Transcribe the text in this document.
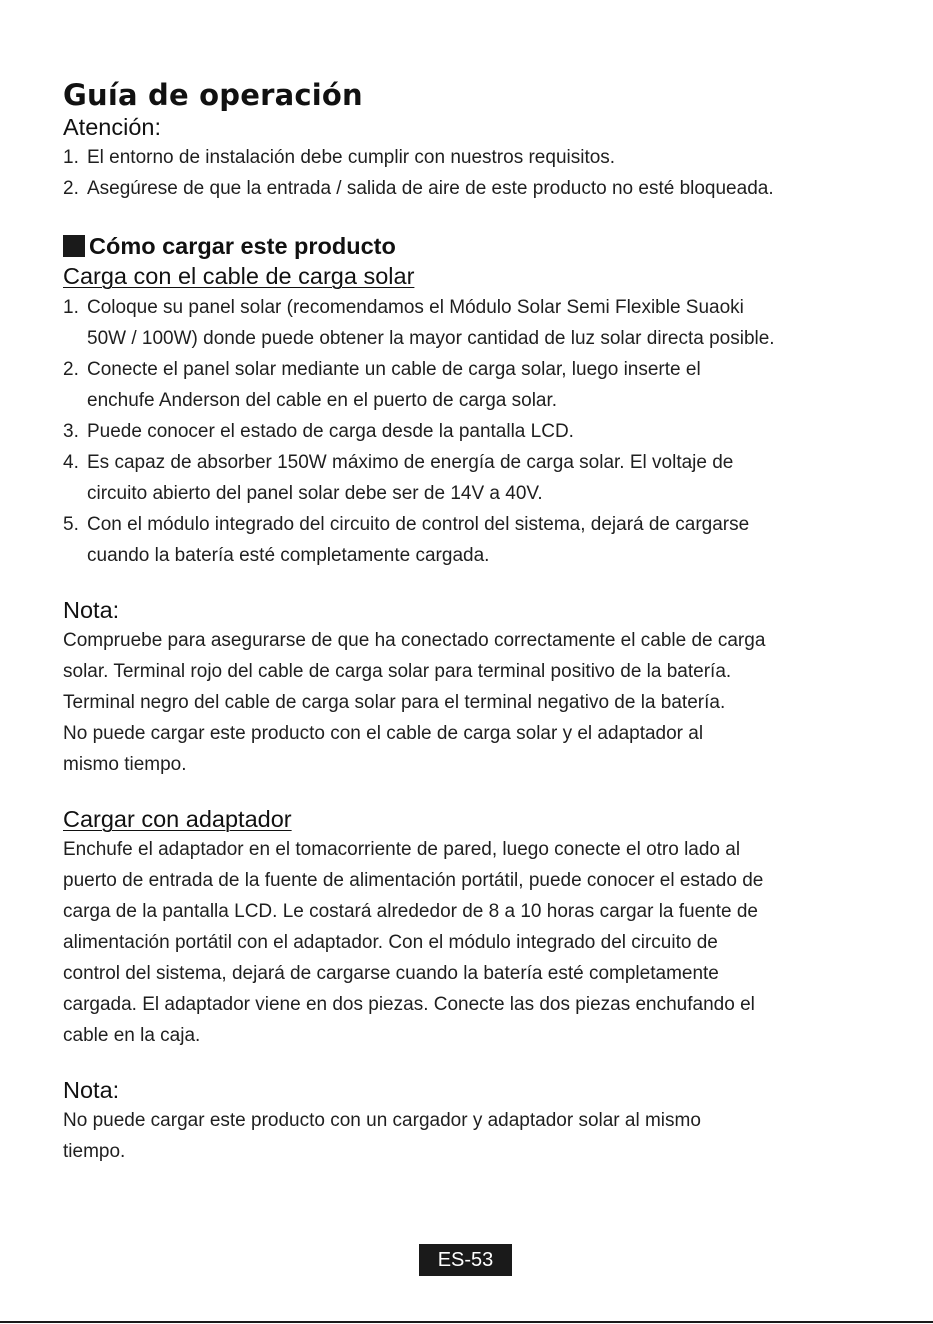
Guía de operación
Atención:
1. El entorno de instalación debe cumplir con nuestros requisitos.
2. Asegúrese de que la entrada / salida de aire de este producto no esté bloqueada.
Cómo cargar este producto
Carga con el cable de carga solar
1. Coloque su panel solar (recomendamos el Módulo Solar Semi Flexible Suaoki
50W / 100W) donde puede obtener la mayor cantidad de luz solar directa posible.
2. Conecte el panel solar mediante un cable de carga solar, luego inserte el
enchufe Anderson del cable en el puerto de carga solar.
3. Puede conocer el estado de carga desde la pantalla LCD.
4. Es capaz de absorber 150W máximo de energía de carga solar. El voltaje de
circuito abierto del panel solar debe ser de 14V a 40V.
5. Con el módulo integrado del circuito de control del sistema, dejará de cargarse
cuando la batería esté completamente cargada.
Nota:

Compruebe para asegurarse de que ha conectado correctamente el cable de carga
solar. Terminal rojo del cable de carga solar para terminal positivo de la batería.
Terminal negro del cable de carga solar para el terminal negativo de la batería.
No puede cargar este producto con el cable de carga solar y el adaptador al
mismo tiempo.

Cargar con adaptador

Enchufe el adaptador en el tomacorriente de pared, luego conecte el otro lado al
puerto de entrada de la fuente de alimentación portátil, puede conocer el estado de
carga de la pantalla LCD. Le costará alrededor de 8 a 10 horas cargar la fuente de
alimentación portátil con el adaptador. Con el módulo integrado del circuito de
control del sistema, dejará de cargarse cuando la batería esté completamente
cargada. El adaptador viene en dos piezas. Conecte las dos piezas enchufando el
cable en la caja.

Nota:

No puede cargar este producto con un cargador y adaptador solar al mismo
tiempo.

ES-53
